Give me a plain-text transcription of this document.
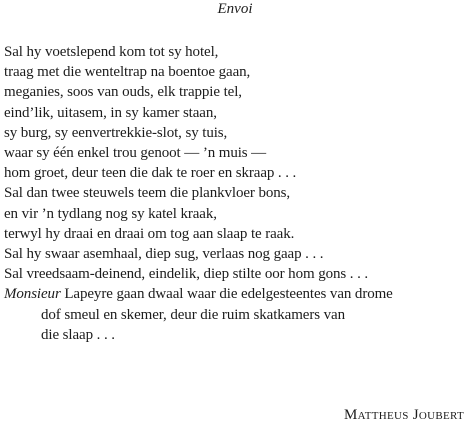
Envoi
Sal hy voetslepend kom tot sy hotel,
traag met die wenteltrap na boentoe gaan,
meganies, soos van ouds, elk trappie tel,
eind’lik, uitasem, in sy kamer staan,
sy burg, sy eenvertrekkie-slot, sy tuis,
waar sy één enkel trou genoot — ’n muis —
hom groet, deur teen die dak te roer en skraap . . .
Sal dan twee steuwels teem die plankvloer bons,
en vir ’n tydlang nog sy katel kraak,
terwyl hy draai en draai om tog aan slaap te raak.
Sal hy swaar asemhaal, diep sug, verlaas nog gaap . . .
Sal vreedsaam-deinend, eindelik, diep stilte oor hom gons . . .
Monsieur Lapeyre gaan dwaal waar die edelgesteentes van drome
dof smeul en skemer, deur die ruim skatkamers van
die slaap . . .
Mattheus Joubert
